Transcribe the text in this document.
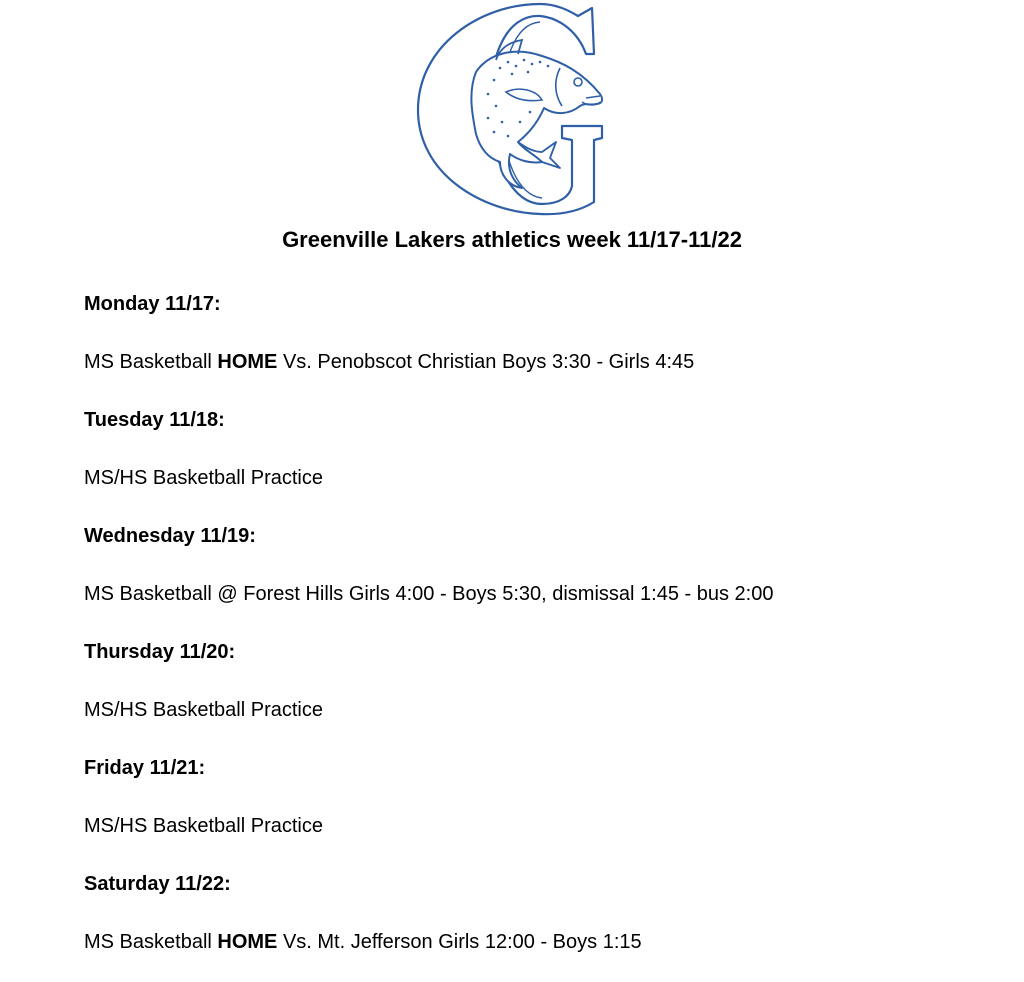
Greenville Lakers athletics week 11/17-11/22
Monday 11/17:
MS Basketball HOME Vs. Penobscot Christian Boys 3:30 - Girls 4:45
Tuesday 11/18:
MS/HS Basketball Practice
Wednesday 11/19:
MS Basketball @ Forest Hills Girls 4:00 - Boys 5:30, dismissal 1:45 - bus 2:00
Thursday 11/20:
MS/HS Basketball Practice
Friday 11/21:
MS/HS Basketball Practice
Saturday 11/22:
MS Basketball HOME Vs. Mt. Jefferson Girls 12:00 - Boys 1:15
